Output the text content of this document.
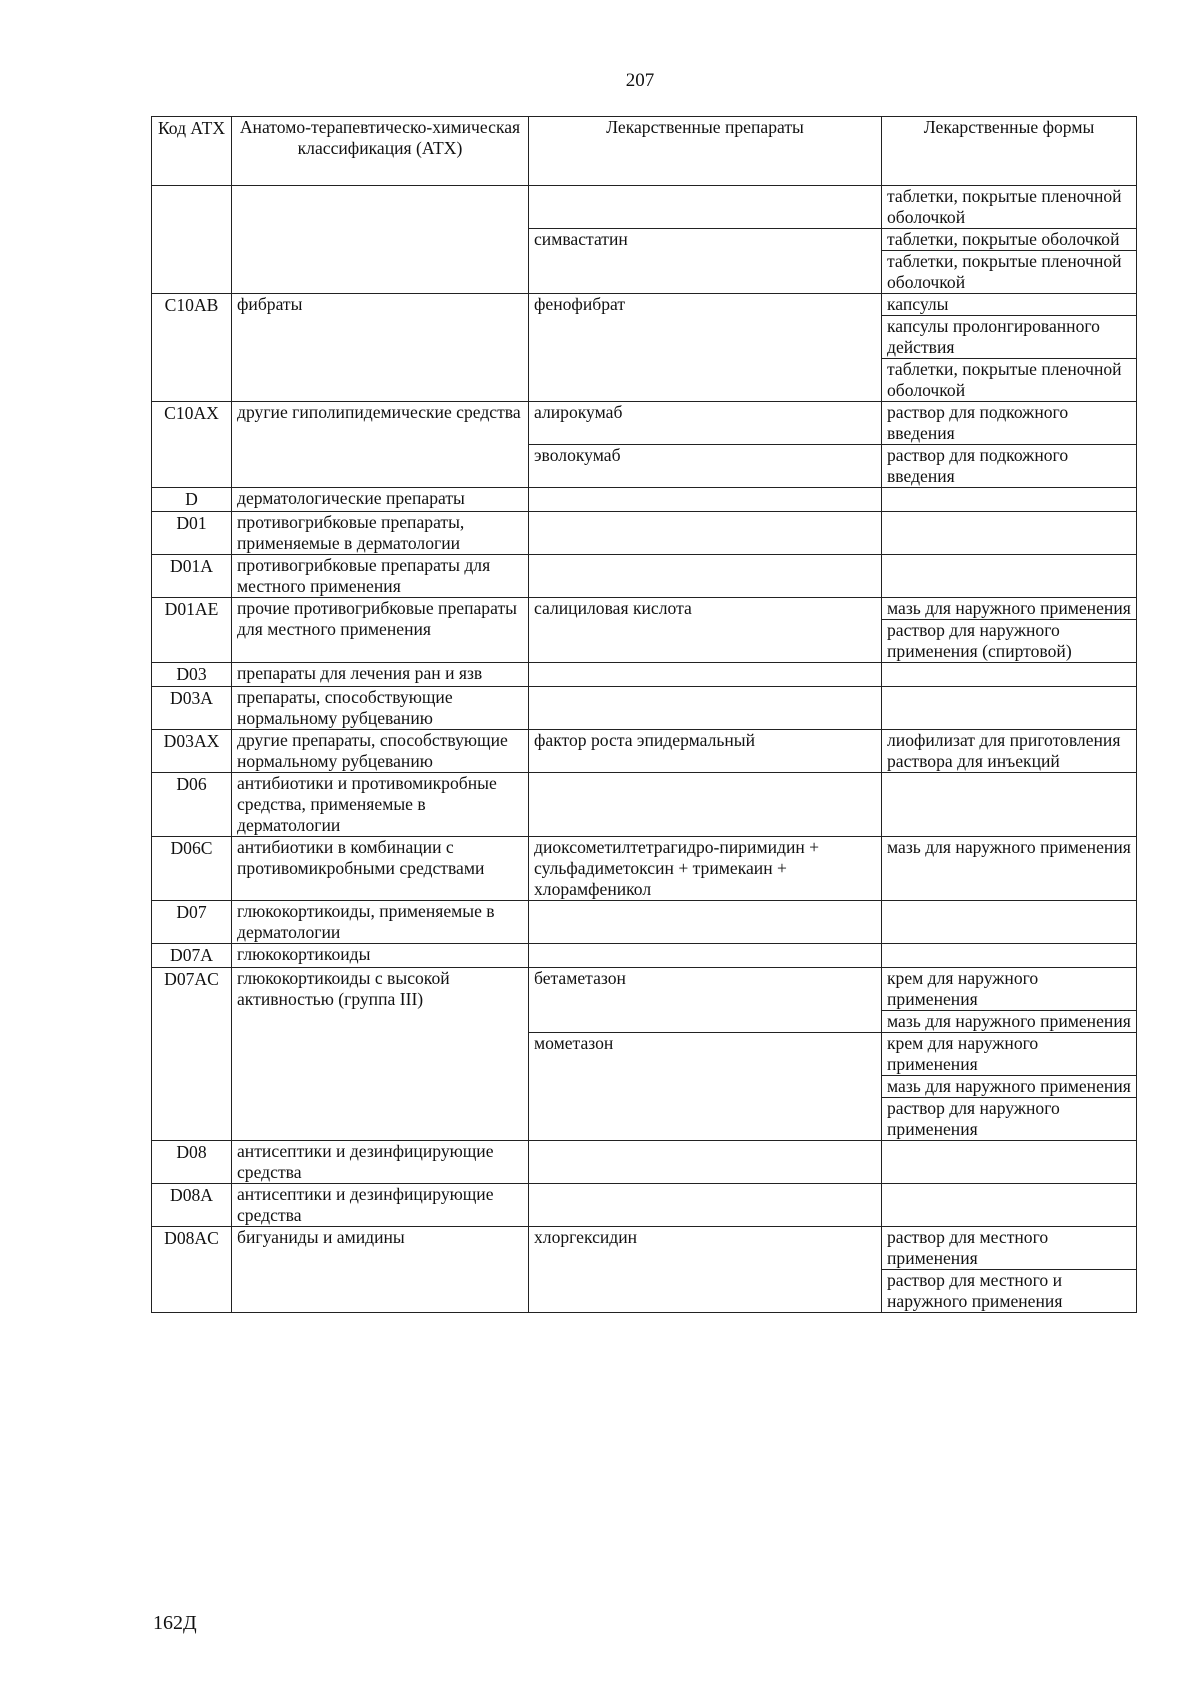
207
Код АТХ	Анатомо-терапевтическо-химическая классификация (АТХ)	Лекарственные препараты	Лекарственные формы
			таблетки, покрытые пленочной оболочкой
		симвастатин	таблетки, покрытые оболочкой
			таблетки, покрытые пленочной оболочкой
C10AB	фибраты	фенофибрат	капсулы
			капсулы пролонгированного действия
			таблетки, покрытые пленочной оболочкой
C10AX	другие гиполипидемические средства	алирокумаб	раствор для подкожного введения
		эволокумаб	раствор для подкожного введения
D	дерматологические препараты		
D01	противогрибковые препараты, применяемые в дерматологии		
D01A	противогрибковые препараты для местного применения		
D01AE	прочие противогрибковые препараты для местного применения	салициловая кислота	мазь для наружного применения
			раствор для наружного применения (спиртовой)
D03	препараты для лечения ран и язв		
D03A	препараты, способствующие нормальному рубцеванию		
D03AX	другие препараты, способствующие нормальному рубцеванию	фактор роста эпидермальный	лиофилизат для приготовления раствора для инъекций
D06	антибиотики и противомикробные средства, применяемые в дерматологии		
D06C	антибиотики в комбинации с противомикробными средствами	диоксометилтетрагидро-пиримидин + сульфадиметоксин + тримекаин + хлорамфеникол	мазь для наружного применения
D07	глюкокортикоиды, применяемые в дерматологии		
D07A	глюкокортикоиды		
D07AC	глюкокортикоиды с высокой активностью (группа III)	бетаметазон	крем для наружного применения
			мазь для наружного применения
		мометазон	крем для наружного применения
			мазь для наружного применения
			раствор для наружного применения
D08	антисептики и дезинфицирующие средства		
D08A	антисептики и дезинфицирующие средства		
D08AC	бигуаниды и амидины	хлоргексидин	раствор для местного применения
			раствор для местного и наружного применения
162Д
